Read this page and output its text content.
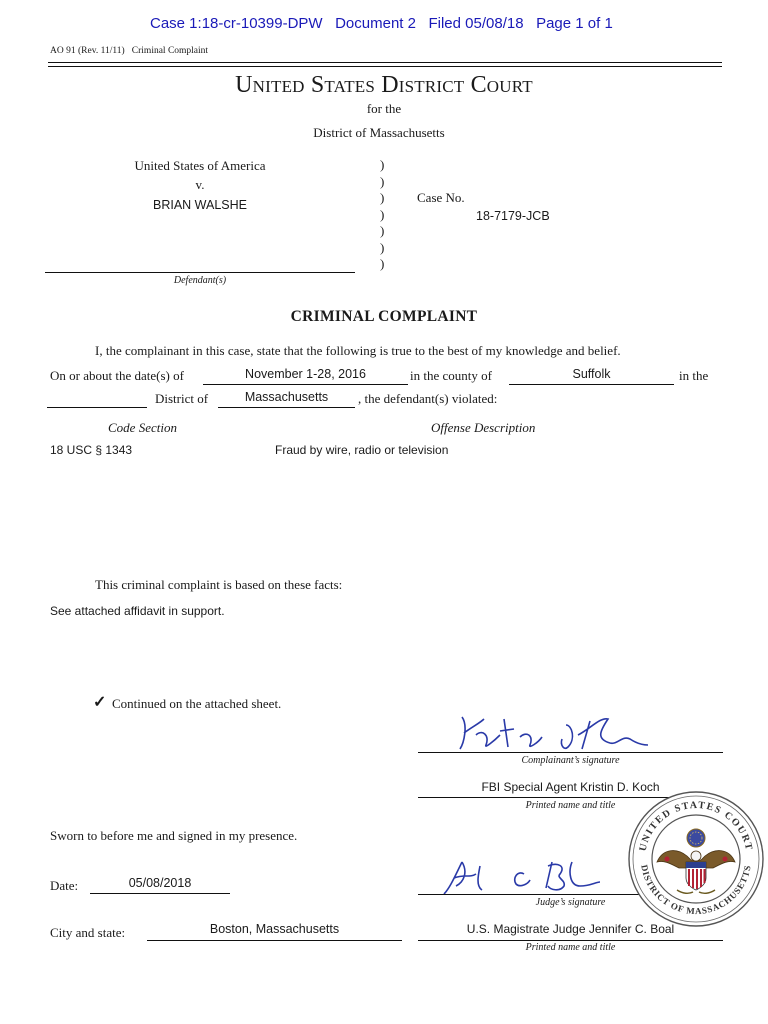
Case 1:18-cr-10399-DPW Document 2 Filed 05/08/18 Page 1 of 1
AO 91 (Rev. 11/11)   Criminal Complaint
United States District Court
for the
District of Massachusetts
United States of America
v.
BRIAN WALSHE
Defendant(s)
)
)
)
)
)
)
)
Case No.
18-7179-JCB
CRIMINAL COMPLAINT
I, the complainant in this case, state that the following is true to the best of my knowledge and belief.
On or about the date(s) of	November 1-28, 2016	in the county of	Suffolk	in the
District of	Massachusetts	, the defendant(s) violated:
Code Section	Offense Description
18 USC § 1343	Fraud by wire, radio or television
This criminal complaint is based on these facts:
See attached affidavit in support.
✓ Continued on the attached sheet.
Complainant’s signature
FBI Special Agent Kristin D. Koch
Printed name and title
Sworn to before me and signed in my presence.
Date:	05/08/2018
City and state:	Boston, Massachusetts
Judge’s signature
U.S. Magistrate Judge Jennifer C. Boal
Printed name and title
UNITED STATES COURT
DISTRICT OF MASSACHUSETTS
